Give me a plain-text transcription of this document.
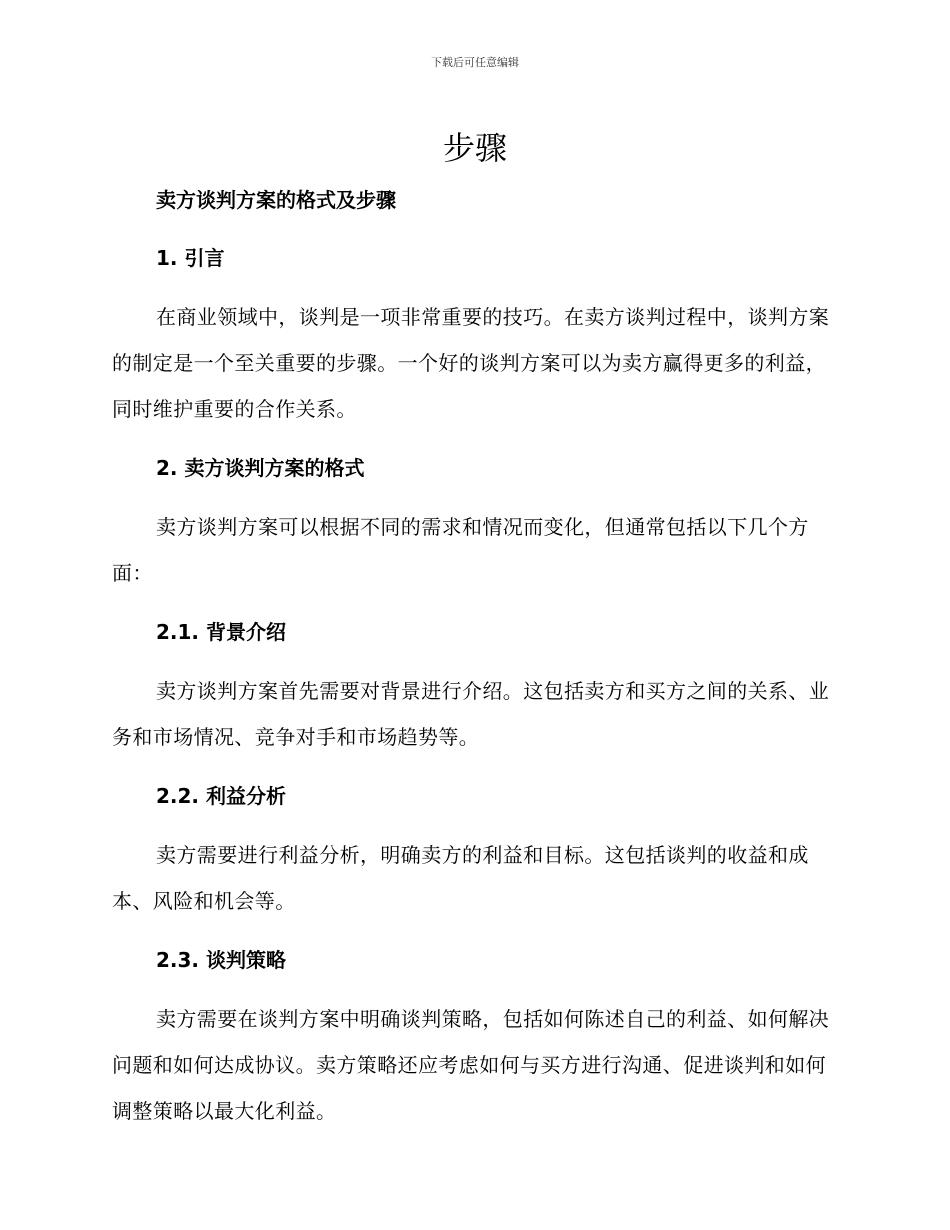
下载后可任意编辑
步骤
卖方谈判方案的格式及步骤
1. 引言

在商业领域中，谈判是一项非常重要的技巧。在卖方谈判过程中，谈判方案的制定是一个至关重要的步骤。一个好的谈判方案可以为卖方赢得更多的利益，同时维护重要的合作关系。

2. 卖方谈判方案的格式

卖方谈判方案可以根据不同的需求和情况而变化，但通常包括以下几个方面：

2.1. 背景介绍

卖方谈判方案首先需要对背景进行介绍。这包括卖方和买方之间的关系、业务和市场情况、竞争对手和市场趋势等。

2.2. 利益分析

卖方需要进行利益分析，明确卖方的利益和目标。这包括谈判的收益和成本、风险和机会等。

2.3. 谈判策略

卖方需要在谈判方案中明确谈判策略，包括如何陈述自己的利益、如何解决问题和如何达成协议。卖方策略还应考虑如何与买方进行沟通、促进谈判和如何调整策略以最大化利益。
